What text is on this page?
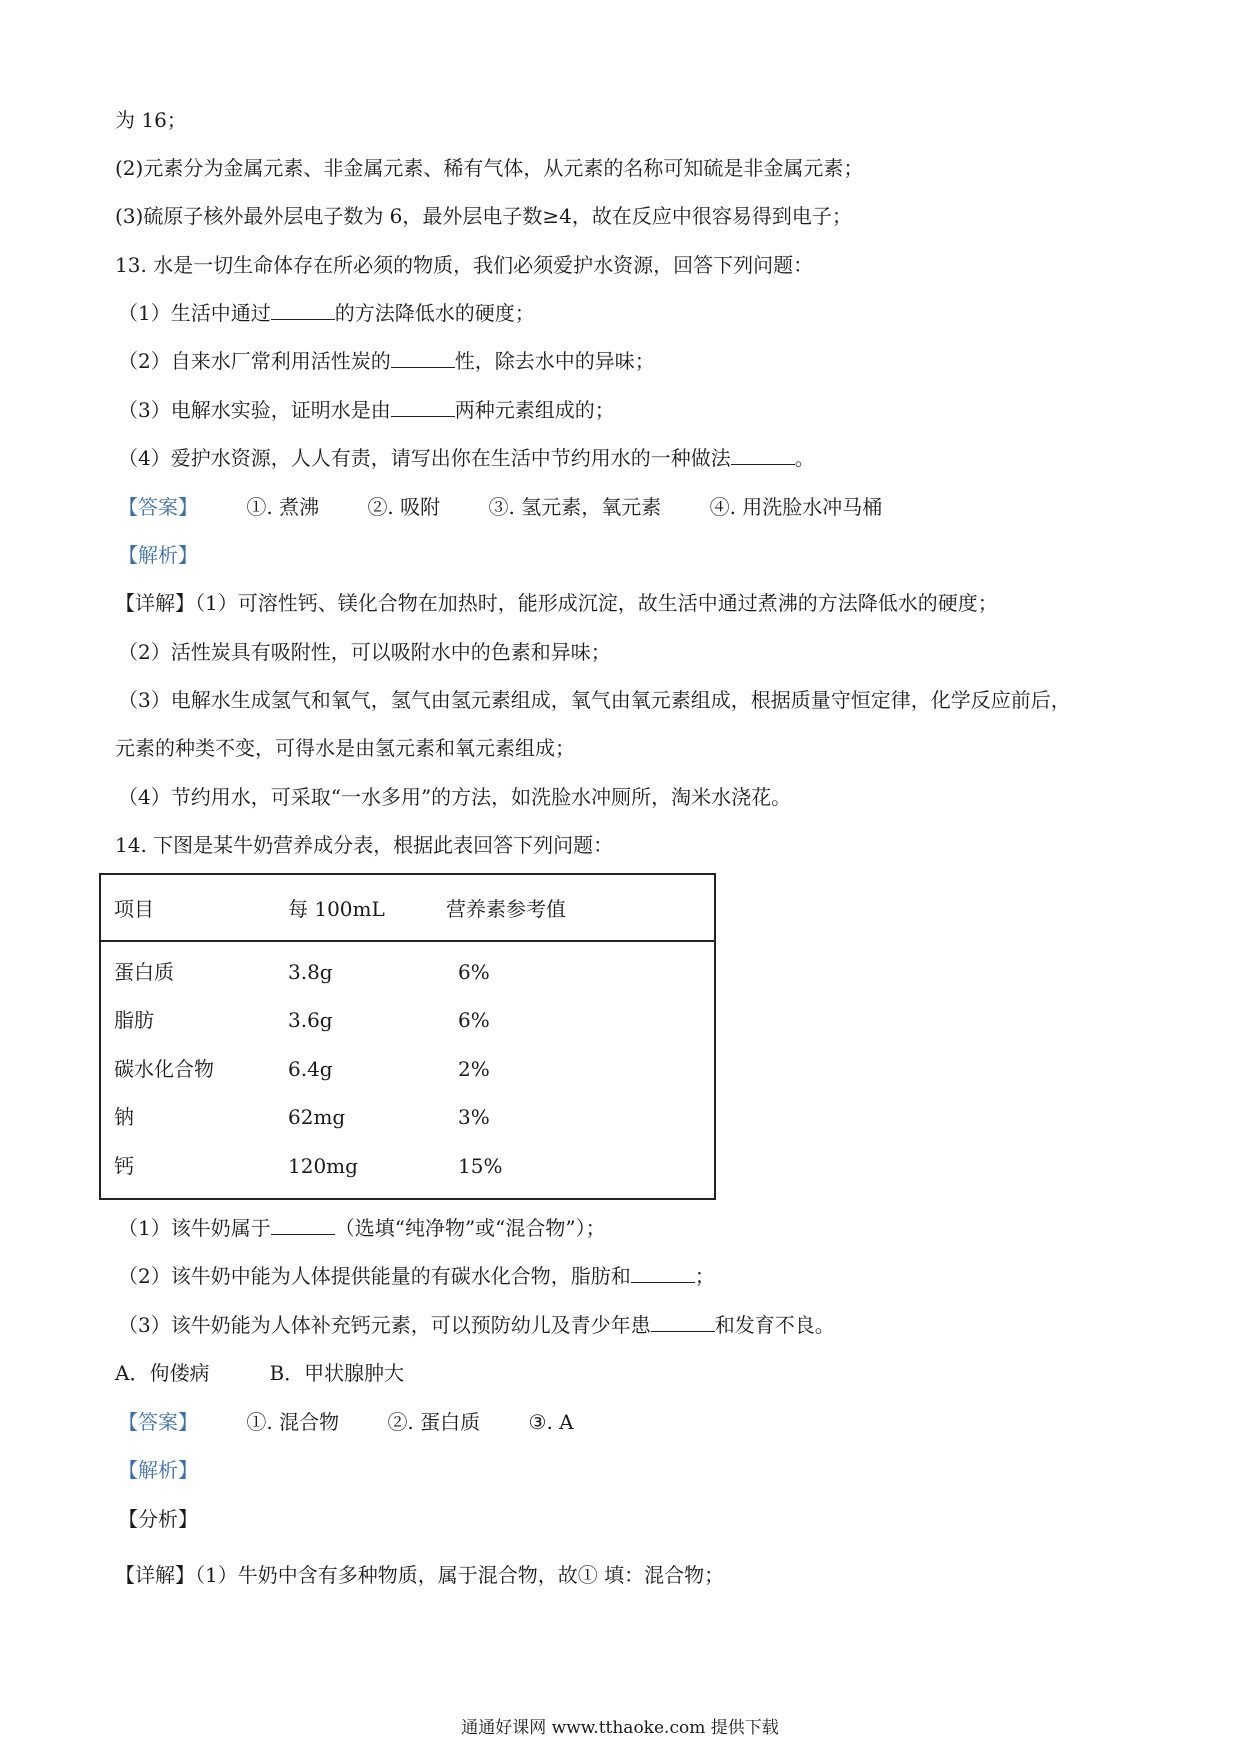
为 16；
(2)元素分为金属元素、非金属元素、稀有气体，从元素的名称可知硫是非金属元素；
(3)硫原子核外最外层电子数为 6，最外层电子数≥4，故在反应中很容易得到电子；
13. 水是一切生命体存在所必须的物质，我们必须爱护水资源，回答下列问题：
（1）生活中通过	的方法降低水的硬度；
（2）自来水厂常利用活性炭的	性，除去水中的异味；
（3）电解水实验，证明水是由	两种元素组成的；
（4）爱护水资源，人人有责，请写出你在生活中节约用水的一种做法	。
【答案】 ①. 煮沸 ②. 吸附 ③. 氢元素，氧元素 ④. 用洗脸水冲马桶
【解析】
【详解】（1）可溶性钙、镁化合物在加热时，能形成沉淀，故生活中通过煮沸的方法降低水的硬度；
（2）活性炭具有吸附性，可以吸附水中的色素和异味；
（3）电解水生成氢气和氧气，氢气由氢元素组成，氧气由氧元素组成，根据质量守恒定律，化学反应前后，
元素的种类不变，可得水是由氢元素和氧元素组成；
（4）节约用水，可采取“一水多用”的方法，如洗脸水冲厕所，淘米水浇花。
14. 下图是某牛奶营养成分表，根据此表回答下列问题：
项目	每 100mL	营养素参考值
蛋白质	3.8g	6%
脂肪	3.6g	6%
碳水化合物	6.4g	2%
钠	62mg	3%
钙	120mg	15%
（1）该牛奶属于	（选填“纯净物”或“混合物”）；
（2）该牛奶中能为人体提供能量的有碳水化合物，脂肪和	；
（3）该牛奶能为人体补充钙元素，可以预防幼儿及青少年患	和发育不良。
A．佝偻病	B．甲状腺肿大
【答案】 ①. 混合物 ②. 蛋白质 ③. A
【解析】
【分析】
【详解】（1）牛奶中含有多种物质，属于混合物，故① 填：混合物；
通通好课网 www.tthaoke.com 提供下载
